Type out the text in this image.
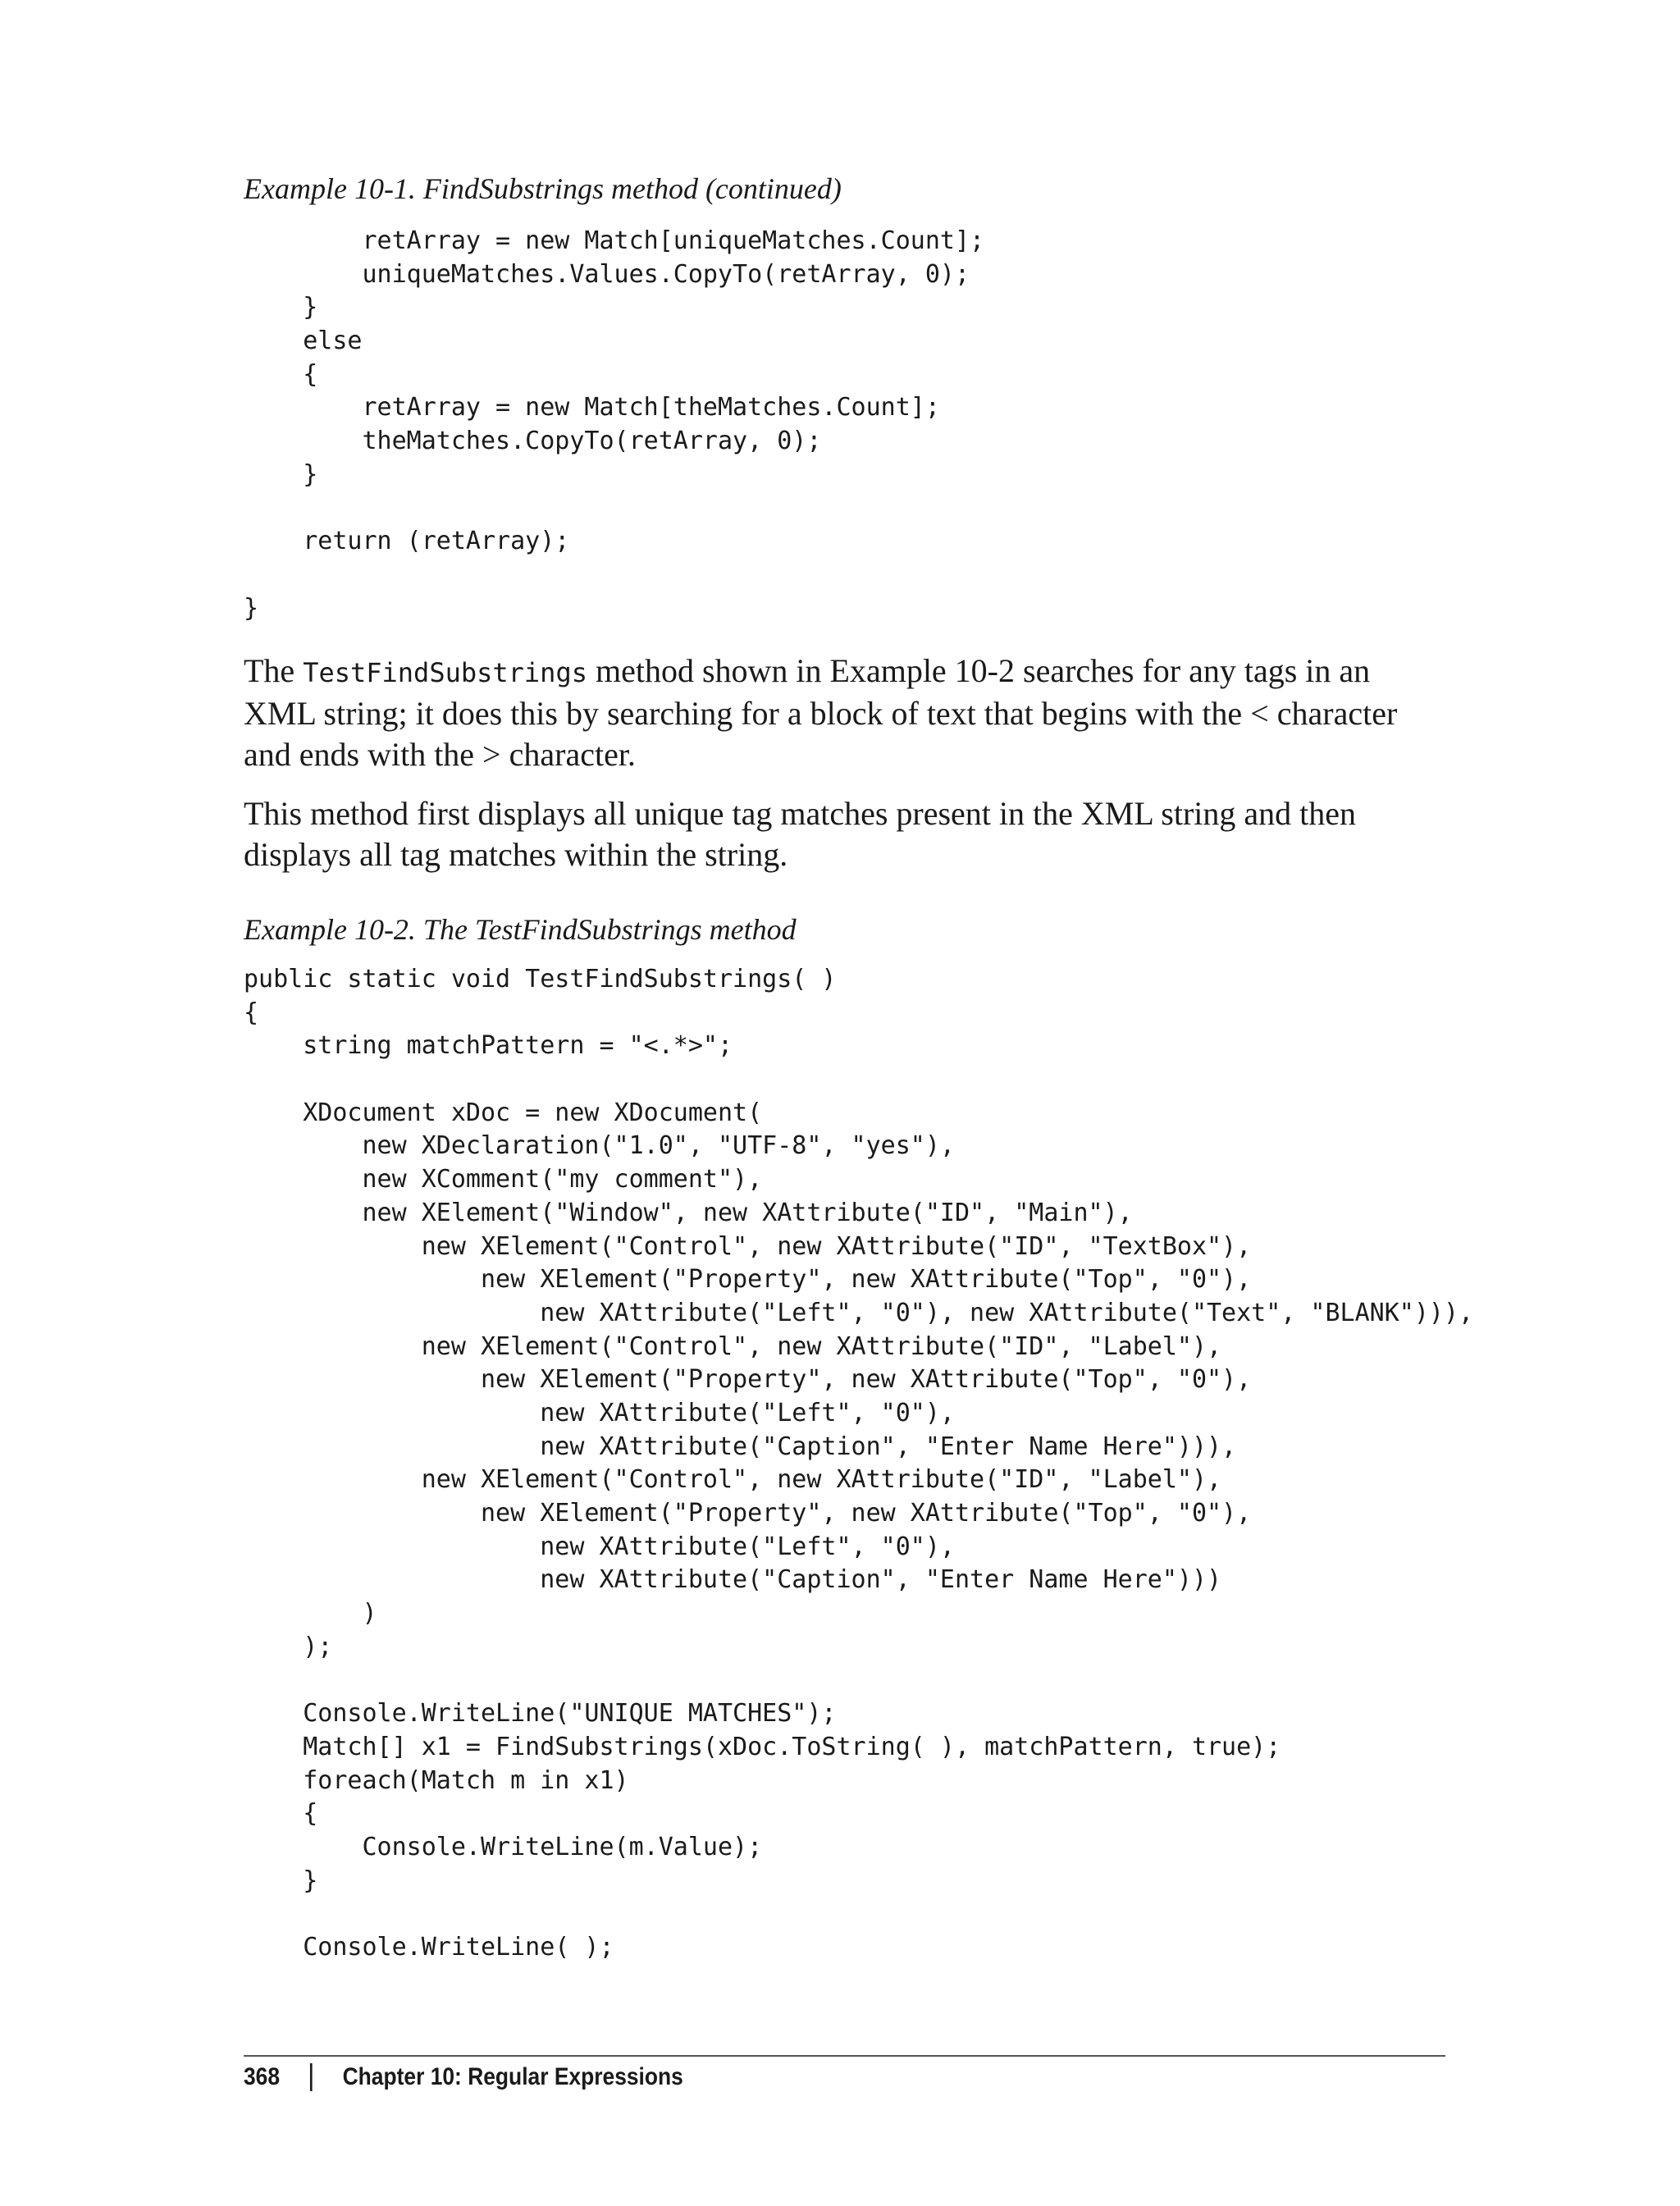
Example 10-1. FindSubstrings method (continued)
retArray = new Match[uniqueMatches.Count];
uniqueMatches.Values.CopyTo(retArray, 0);
}
else
{
retArray = new Match[theMatches.Count];
theMatches.CopyTo(retArray, 0);
}
return (retArray);
}

The TestFindSubstrings method shown in Example 10-2 searches for any tags in an XML string; it does this by searching for a block of text that begins with the < character and ends with the > character.

This method first displays all unique tag matches present in the XML string and then displays all tag matches within the string.

Example 10-2. The TestFindSubstrings method
public static void TestFindSubstrings( )
{
string matchPattern = "<.*>";
XDocument xDoc = new XDocument(
new XDeclaration("1.0", "UTF-8", "yes"),
new XComment("my comment"),
new XElement("Window", new XAttribute("ID", "Main"),
new XElement("Control", new XAttribute("ID", "TextBox"),
new XElement("Property", new XAttribute("Top", "0"),
new XAttribute("Left", "0"), new XAttribute("Text", "BLANK"))),
new XElement("Control", new XAttribute("ID", "Label"),
new XElement("Property", new XAttribute("Top", "0"),
new XAttribute("Left", "0"),
new XAttribute("Caption", "Enter Name Here"))),
new XElement("Control", new XAttribute("ID", "Label"),
new XElement("Property", new XAttribute("Top", "0"),
new XAttribute("Left", "0"),
new XAttribute("Caption", "Enter Name Here")))
)
);
Console.WriteLine("UNIQUE MATCHES");
Match[] x1 = FindSubstrings(xDoc.ToString( ), matchPattern, true);
foreach(Match m in x1)
{
Console.WriteLine(m.Value);
}
Console.WriteLine( );
368	Chapter 10: Regular Expressions
